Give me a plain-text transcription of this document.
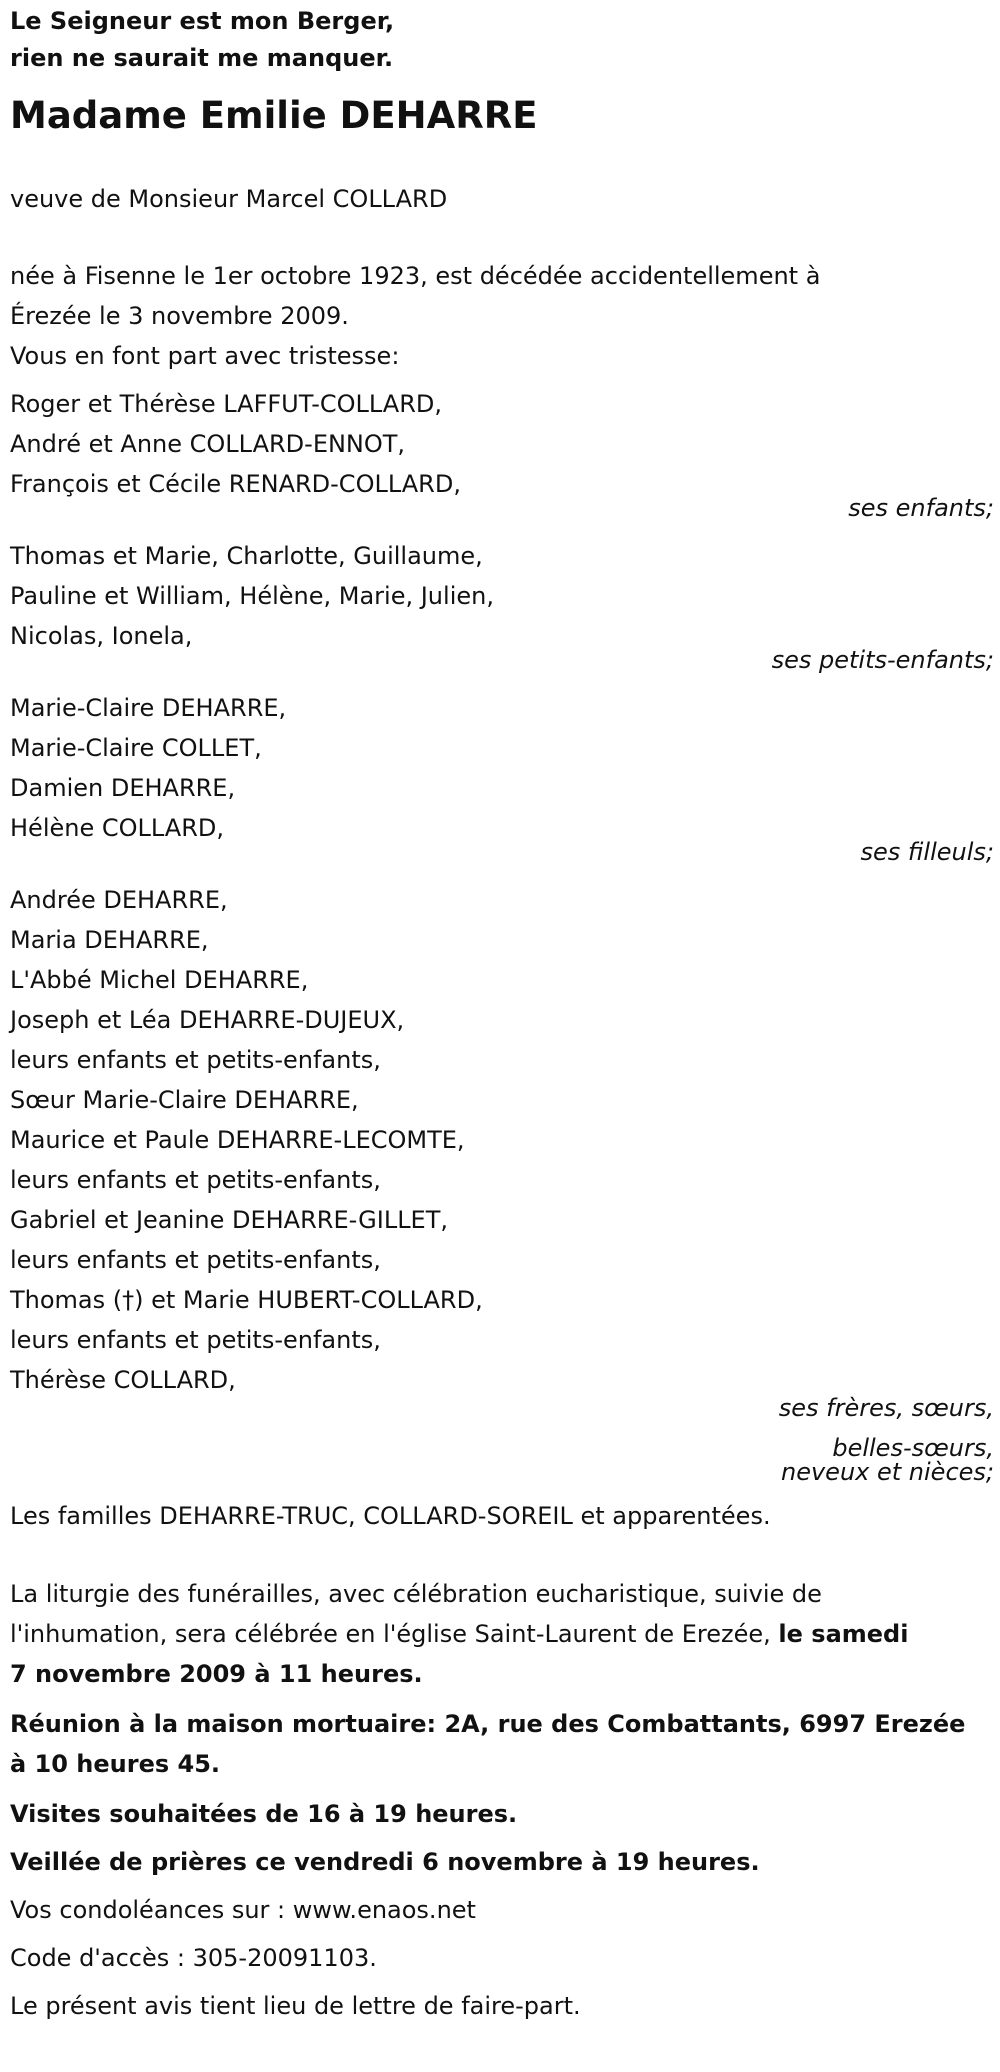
Le Seigneur est mon Berger,

rien ne saurait me manquer.

Madame Emilie DEHARRE

veuve de Monsieur Marcel COLLARD

née à Fisenne le 1er octobre 1923, est décédée accidentellement à

Érezée le 3 novembre 2009.

Vous en font part avec tristesse:

Roger et Thérèse LAFFUT-COLLARD,
André et Anne COLLARD-ENNOT,
François et Cécile RENARD-COLLARD,
ses enfants;
Thomas et Marie, Charlotte, Guillaume,
Pauline et William, Hélène, Marie, Julien,
Nicolas, Ionela,
ses petits-enfants;
Marie-Claire DEHARRE,
Marie-Claire COLLET,
Damien DEHARRE,
Hélène COLLARD,
ses filleuls;
Andrée DEHARRE,
Maria DEHARRE,
L'Abbé Michel DEHARRE,
Joseph et Léa DEHARRE-DUJEUX,
leurs enfants et petits-enfants,
Sœur Marie-Claire DEHARRE,
Maurice et Paule DEHARRE-LECOMTE,
leurs enfants et petits-enfants,
Gabriel et Jeanine DEHARRE-GILLET,
leurs enfants et petits-enfants,
Thomas (†) et Marie HUBERT-COLLARD,
leurs enfants et petits-enfants,
Thérèse COLLARD,
ses frères, sœurs,
belles-sœurs,
neveux et nièces;

Les familles DEHARRE-TRUC, COLLARD-SOREIL et apparentées.

La liturgie des funérailles, avec célébration eucharistique, suivie de

l'inhumation, sera célébrée en l'église Saint-Laurent de Erezée, le samedi

7 novembre 2009 à 11 heures.

Réunion à la maison mortuaire: 2A, rue des Combattants, 6997 Erezée

à 10 heures 45.

Visites souhaitées de 16 à 19 heures.

Veillée de prières ce vendredi 6 novembre à 19 heures.

Vos condoléances sur : www.enaos.net

Code d'accès : 305-20091103.

Le présent avis tient lieu de lettre de faire-part.
